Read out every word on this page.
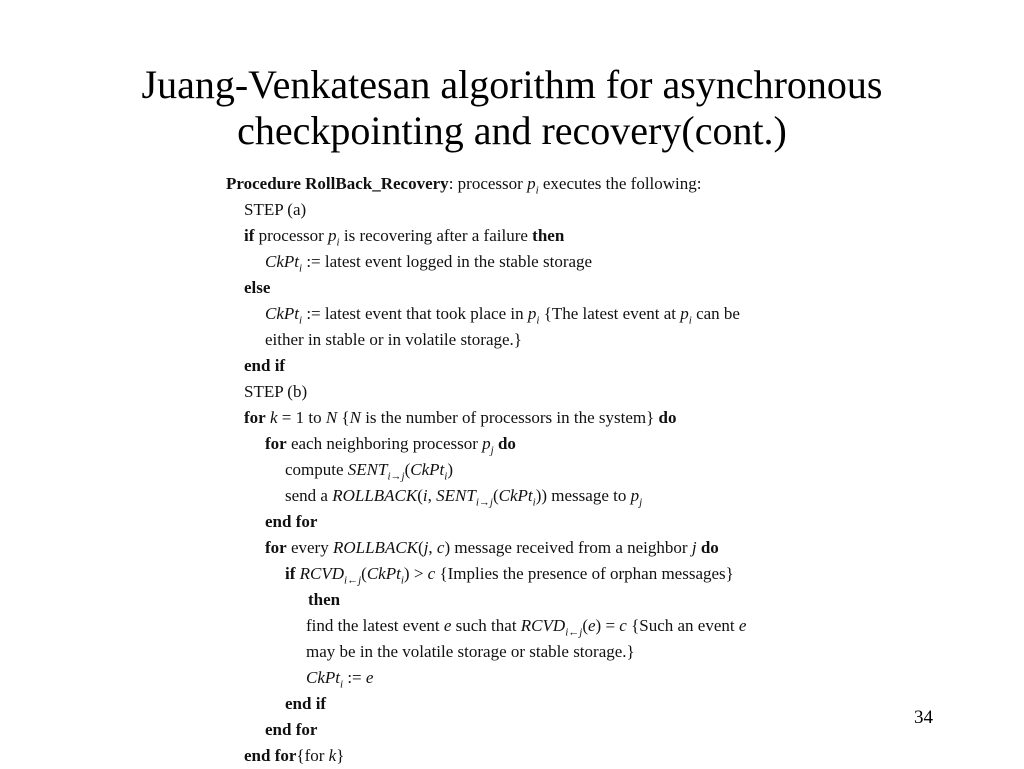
Juang-Venkatesan algorithm for asynchronous
checkpointing and recovery(cont.)
Procedure RollBack_Recovery: processor $p_i$ executes the following:
STEP (a)
if processor $p_i$ is recovering after a failure then
CkPt$_i$ := latest event logged in the stable storage
else
CkPt$_i$ := latest event that took place in $p_i$ {The latest event at $p_i$ can be
either in stable or in volatile storage.}
end if
STEP (b)
for k = 1 to N {N is the number of processors in the system} do
for each neighboring processor $p_j$ do
compute $SENT_{i\to j}(CkPt_i)$
send a ROLLBACK(i, $SENT_{i\to j}(CkPt_i)$) message to $p_j$
end for
for every ROLLBACK(j, c) message received from a neighbor j do
if $RCVD_{i\leftarrow j}(CkPt_i) > c$ {Implies the presence of orphan messages}
then
find the latest event e such that $RCVD_{i\leftarrow j}(e) = c$ {Such an event e
may be in the volatile storage or stable storage.}
CkPt$_i$ := e
end if
end for
end for{for k}
34
